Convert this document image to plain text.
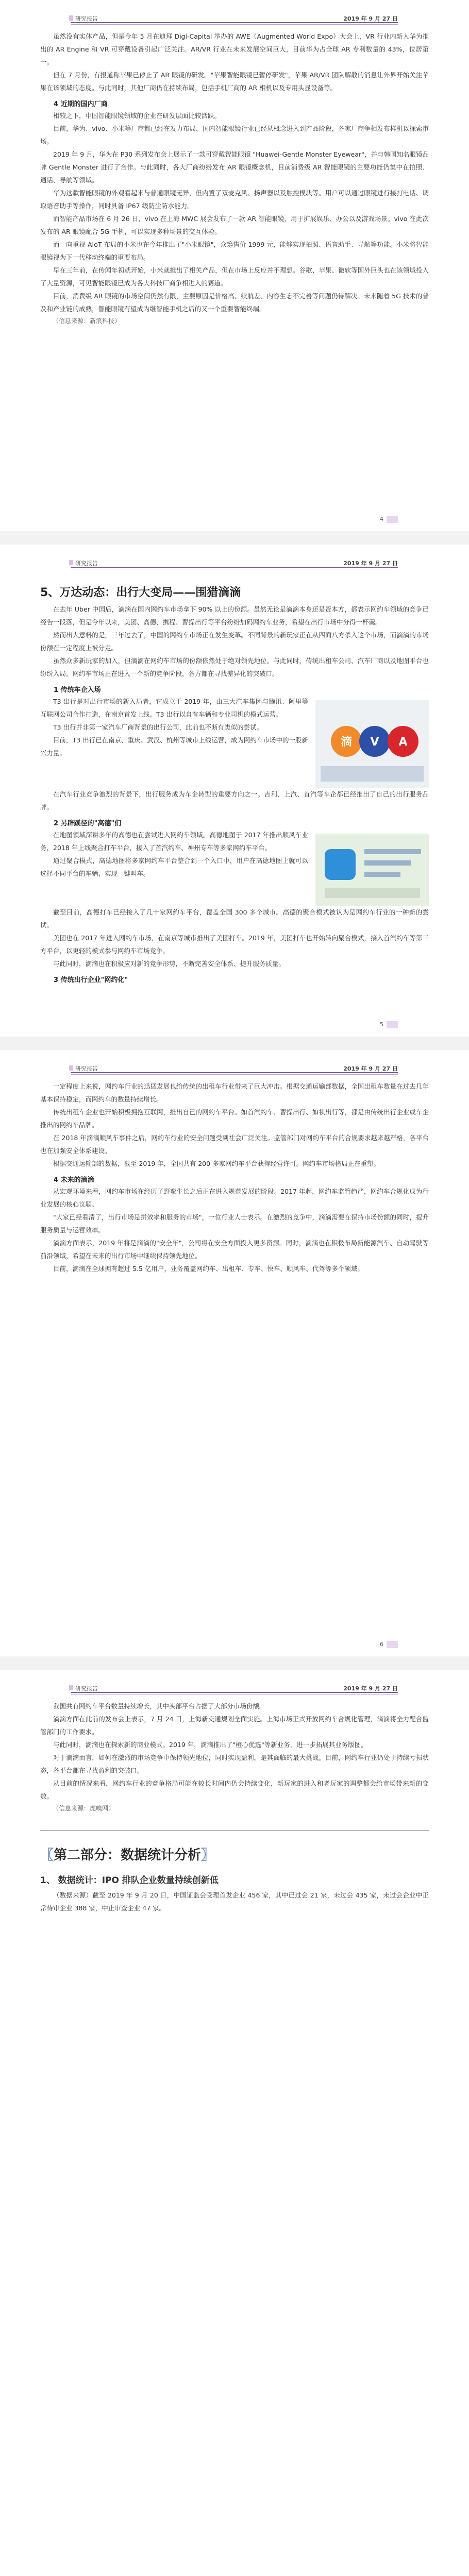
研究报告	2019 年 9 月 27 日

虽然没有实体产品，但是今年 5 月在迪拜 Digi-Capital 举办的 AWE（Augmented World Expo）大会上，VR 行业内新人华为推出的 AR Engine 和 VR 可穿戴设备引起广泛关注。AR/VR 行业在未来发展空间巨大，目前华为占全球 AR 专利数量的 43%，位居第一。

但在 7 月份，有报道称苹果已停止了 AR 眼镜的研发。"苹果智能眼镜已暂停研发"，苹果 AR/VR 团队解散的消息让外界开始关注苹果在该领域的态度。与此同时，其他厂商仍在持续布局，包括手机厂商的 AR 相机以及专用头显设备等。

4 近期的国内厂商

相较之下，中国智能眼镜领域的企业在研发层面比较活跃。

目前，华为、vivo、小米等厂商都已经在发力布局，国内智能眼镜行业已经从概念进入到产品阶段，各家厂商争相发布样机以探索市场。

2019 年 9 月，华为在 P30 系列发布会上展示了一款可穿戴智能眼镜 "Huawei-Gentle Monster Eyewear"，并与韩国知名眼镜品牌 Gentle Monster 进行了合作。与此同时，各大厂商纷纷发布 AR 眼镜概念机，目前消费级 AR 智能眼镜的主要功能仍集中在拍照、通话、导航等领域。

华为这款智能眼镜的外观看起来与普通眼镜无异，但内置了双麦克风、扬声器以及触控模块等。用户可以通过眼镜进行接打电话、调取语音助手等操作，同时具备 IP67 级防尘防水能力。

而智能产品市场在 6 月 26 日，vivo 在上海 MWC 展会发布了一款 AR 智能眼镜，用于扩展娱乐、办公以及游戏场景。vivo 在此次发布的 AR 眼镜配合 5G 手机，可以实现多种场景的交互体验。

而一向重视 AIoT 布局的小米也在今年推出了"小米眼镜"，众筹售价 1999 元，能够实现拍照、语音助手、导航等功能。小米将智能眼镜视为下一代移动终端的重要布局。

早在三年前，在传闻年初就开始，小米就推出了相关产品，但在市场上反应并不理想。谷歌、苹果、微软等国外巨头也在该领域投入了大量资源，可见智能眼镜已成为各大科技厂商争相进入的赛道。

目前，消费级 AR 眼镜的市场空间仍然有限，主要原因是价格高、续航差、内容生态不完善等问题仍待解决。未来随着 5G 技术的普及和产业链的成熟，智能眼镜有望成为继智能手机之后的又一个重要智能终端。

（信息来源：新浪科技）

4
研究报告	2019 年 9 月 27 日
5、万达动态：出行大变局——围猎滴滴

在去年 Uber 中国后，滴滴在国内网约车市场拿下 90% 以上的份额。虽然无论是滴滴本身还是资本方，都表示网约车领域的竞争已经告一段落，但是今年以来，美团、高德、携程、曹操出行等平台纷纷加码网约车业务，希望在出行市场中分得一杯羹。

然而出人意料的是，三年过去了，中国的网约车市场正在发生变革。不同背景的新玩家正在从四面八方杀入这个市场，而滴滴的市场份额在一定程度上被分走。

虽然众多新玩家的加入，但滴滴在网约车市场的份额依然处于绝对领先地位。与此同时，传统出租车公司、汽车厂商以及地图平台也纷纷入局。网约车市场正在进入一个新的竞争阶段，各方都在寻找差异化的突破口。

1 传统车企入场

T3 出行是对出行市场的新入局者，它成立于 2019 年，由三大汽车集团与腾讯、阿里等互联网公司合作打造，在南京首发上线。T3 出行以自有车辆和专业司机的模式运营。

T3 出行并非第一家汽车厂商背景的出行公司，此前也不断有类似的尝试。

目前，T3 出行已在南京、重庆、武汉、杭州等城市上线运营，成为网约车市场中的一股新兴力量。

滴 V A

在汽车行业竞争激烈的背景下，出行服务成为车企转型的重要方向之一。吉利、上汽、首汽等车企都已经推出了自己的出行服务品牌。

2 另辟蹊径的"高德"们

在地图领域深耕多年的高德也在尝试进入网约车领域。高德地图于 2017 年推出顺风车业务，2018 年上线聚合打车平台，接入了首汽约车、神州专车等多家网约车平台。

通过聚合模式，高德地图将多家网约车平台整合到一个入口中，用户在高德地图上就可以选择不同平台的车辆，实现一键叫车。

截至目前，高德打车已经接入了几十家网约车平台，覆盖全国 300 多个城市。高德的聚合模式被认为是网约车行业的一种新的尝试。

美团也在 2017 年进入网约车市场，在南京等城市推出了美团打车。2019 年，美团打车也开始转向聚合模式，接入首汽约车等第三方平台，以更轻的模式参与网约车市场竞争。

与此同时，滴滴也在积极应对新的竞争形势，不断完善安全体系、提升服务质量。

3 传统出行企业"网约化"

5
研究报告	2019 年 9 月 27 日

一定程度上来说，网约车行业的迅猛发展也给传统的出租车行业带来了巨大冲击。根据交通运输部数据，全国出租车数量在过去几年基本保持稳定，而网约车的数量持续增长。

传统出租车企业也开始积极拥抱互联网，推出自己的网约车平台。如首汽约车、曹操出行、如祺出行等，都是由传统出行企业或车企推出的网约车品牌。

在 2018 年滴滴顺风车事件之后，网约车行业的安全问题受到社会广泛关注。监管部门对网约车平台的合规要求越来越严格，各平台也在加强安全体系建设。

根据交通运输部的数据，截至 2019 年，全国共有 200 多家网约车平台获得经营许可。网约车市场格局正在重塑。

4 未来的滴滴

从宏观环境来看，网约车市场在经历了野蛮生长之后正在进入规范发展的阶段。2017 年起，网约车监管趋严，网约车合规化成为行业发展的核心议题。

"大家已经看清了，出行市场是拼效率和服务的市场"，一位行业人士表示。在激烈的竞争中，滴滴需要在保持市场份额的同时，提升服务质量与运营效率。

滴滴方面表示，2019 年将是滴滴的"安全年"，公司将在安全方面投入更多资源。同时，滴滴也在积极布局新能源汽车、自动驾驶等前沿领域，希望在未来的出行市场中继续保持领先地位。

目前，滴滴在全球拥有超过 5.5 亿用户，业务覆盖网约车、出租车、专车、快车、顺风车、代驾等多个领域。

6
研究报告	2019 年 9 月 27 日

我国共有网约车平台数量持续增长，其中头部平台占据了大部分市场份额。

滴滴方面在此前的发布会上表示，7 月 24 日，上海新交通规划全面实施。上海市场正式开放网约车合规化管理，滴滴将全力配合监管部门的工作要求。

与此同时，滴滴也在探索新的商业模式。2019 年，滴滴推出了"橙心优选"等新业务，进一步拓展其业务版图。

对于滴滴而言，如何在激烈的市场竞争中保持领先地位，同时实现盈利，是其面临的最大挑战。目前，网约车行业仍处于持续亏损状态，各平台都在寻找盈利的突破口。

从目前的情况来看，网约车行业的竞争格局可能在较长时间内仍会持续变化，新玩家的进入和老玩家的调整都会给市场带来新的变数。

（信息来源：虎嗅网）

〖第二部分：数据统计分析〗

1、 数据统计：IPO 排队企业数量持续创新低

（数据来源）截至 2019 年 9 月 20 日，中国证监会受理首发企业 456 家，其中已过会 21 家，未过会 435 家，未过会企业中正常待审企业 388 家，中止审查企业 47 家。
